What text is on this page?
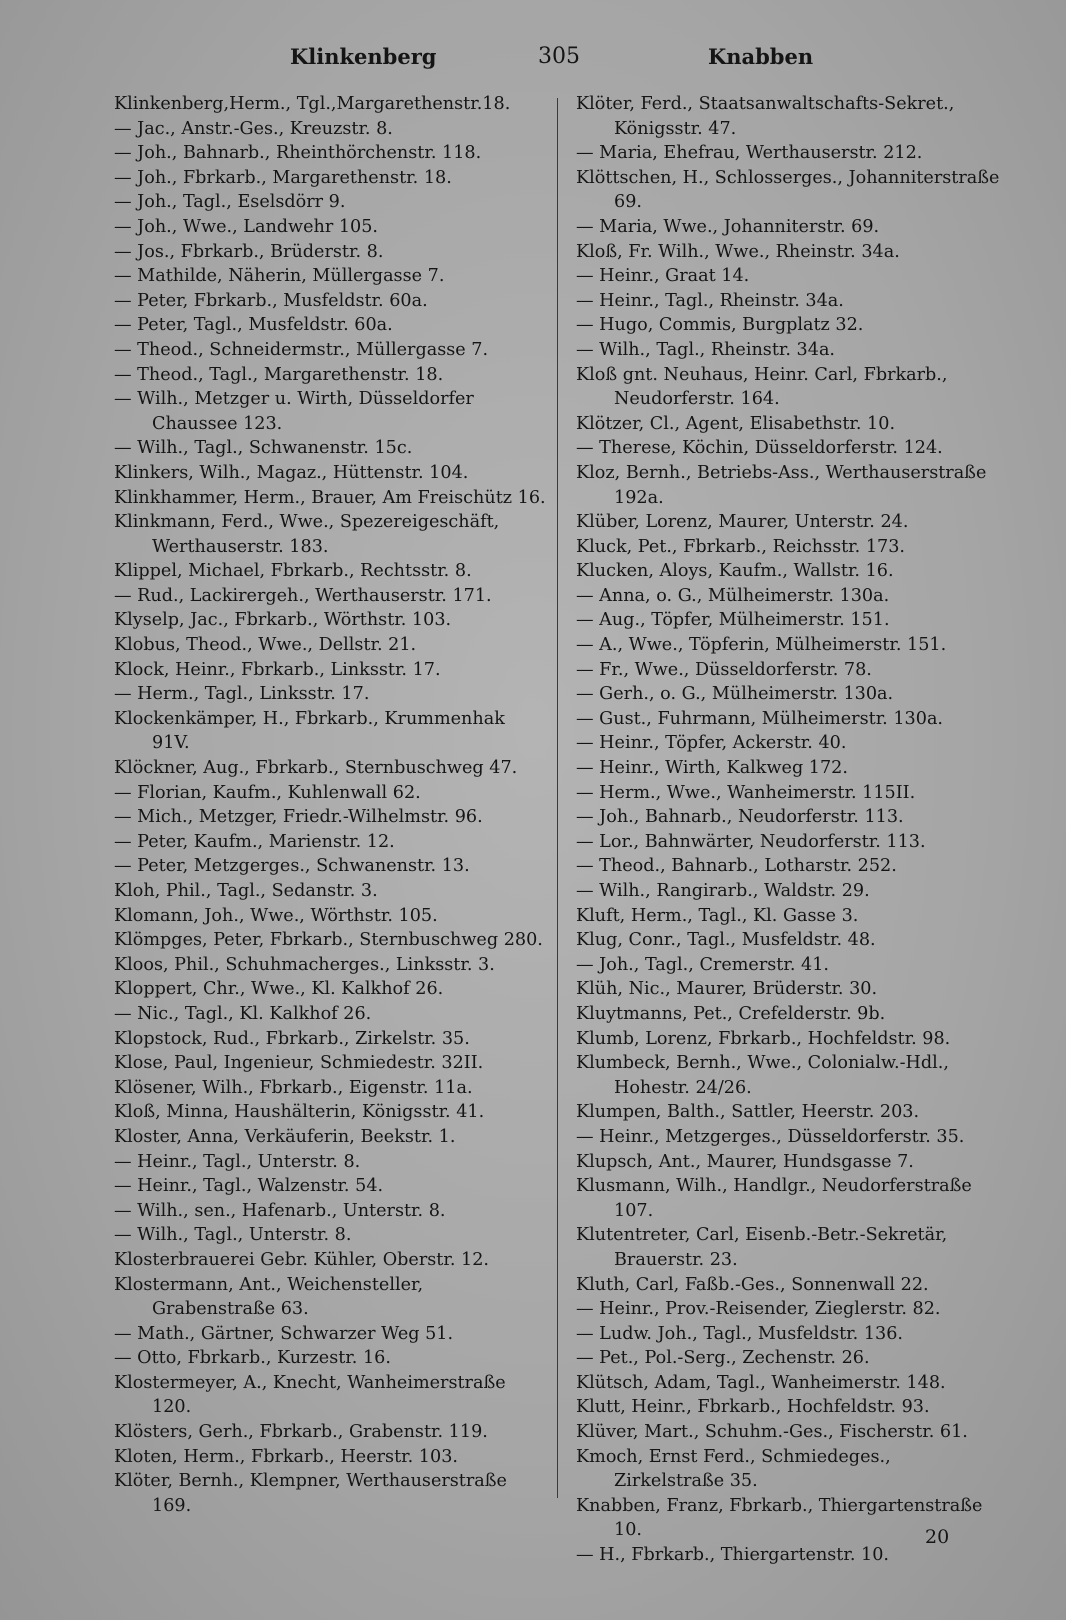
Klinkenberg	305	Knabben

Klinkenberg,Herm., Tgl.,Margarethenstr.18.

— Jac., Anstr.-Ges., Kreuzstr. 8.

— Joh., Bahnarb., Rheinthörchenstr. 118.

— Joh., Fbrkarb., Margarethenstr. 18.

— Joh., Tagl., Eselsdörr 9.

— Joh., Wwe., Landwehr 105.

— Jos., Fbrkarb., Brüderstr. 8.

— Mathilde, Näherin, Müllergasse 7.

— Peter, Fbrkarb., Musfeldstr. 60a.

— Peter, Tagl., Musfeldstr. 60a.

— Theod., Schneidermstr., Müllergasse 7.

— Theod., Tagl., Margarethenstr. 18.

— Wilh., Metzger u. Wirth, Düsseldorfer Chaussee 123.

— Wilh., Tagl., Schwanenstr. 15c.

Klinkers, Wilh., Magaz., Hüttenstr. 104.

Klinkhammer, Herm., Brauer, Am Freischütz 16.

Klinkmann, Ferd., Wwe., Spezereigeschäft, Werthauserstr. 183.

Klippel, Michael, Fbrkarb., Rechtsstr. 8.

— Rud., Lackirergeh., Werthauserstr. 171.

Klyselp, Jac., Fbrkarb., Wörthstr. 103.

Klobus, Theod., Wwe., Dellstr. 21.

Klock, Heinr., Fbrkarb., Linksstr. 17.

— Herm., Tagl., Linksstr. 17.

Klockenkämper, H., Fbrkarb., Krummenhak 91V.

Klöckner, Aug., Fbrkarb., Sternbuschweg 47.

— Florian, Kaufm., Kuhlenwall 62.

— Mich., Metzger, Friedr.-Wilhelmstr. 96.

— Peter, Kaufm., Marienstr. 12.

— Peter, Metzgerges., Schwanenstr. 13.

Kloh, Phil., Tagl., Sedanstr. 3.

Klomann, Joh., Wwe., Wörthstr. 105.

Klömpges, Peter, Fbrkarb., Sternbuschweg 280.

Kloos, Phil., Schuhmacherges., Linksstr. 3.

Kloppert, Chr., Wwe., Kl. Kalkhof 26.

— Nic., Tagl., Kl. Kalkhof 26.

Klopstock, Rud., Fbrkarb., Zirkelstr. 35.

Klose, Paul, Ingenieur, Schmiedestr. 32II.

Klösener, Wilh., Fbrkarb., Eigenstr. 11a.

Kloß, Minna, Haushälterin, Königsstr. 41.

Kloster, Anna, Verkäuferin, Beekstr. 1.

— Heinr., Tagl., Unterstr. 8.

— Heinr., Tagl., Walzenstr. 54.

— Wilh., sen., Hafenarb., Unterstr. 8.

— Wilh., Tagl., Unterstr. 8.

Klosterbrauerei Gebr. Kühler, Oberstr. 12.

Klostermann, Ant., Weichensteller, Grabenstraße 63.

— Math., Gärtner, Schwarzer Weg 51.

— Otto, Fbrkarb., Kurzestr. 16.

Klostermeyer, A., Knecht, Wanheimerstraße 120.

Klösters, Gerh., Fbrkarb., Grabenstr. 119.

Kloten, Herm., Fbrkarb., Heerstr. 103.

Klöter, Bernh., Klempner, Werthauserstraße 169.

Klöter, Ferd., Staatsanwaltschafts-Sekret., Königsstr. 47.

— Maria, Ehefrau, Werthauserstr. 212.

Klöttschen, H., Schlosserges., Johanniterstraße 69.

— Maria, Wwe., Johanniterstr. 69.

Kloß, Fr. Wilh., Wwe., Rheinstr. 34a.

— Heinr., Graat 14.

— Heinr., Tagl., Rheinstr. 34a.

— Hugo, Commis, Burgplatz 32.

— Wilh., Tagl., Rheinstr. 34a.

Kloß gnt. Neuhaus, Heinr. Carl, Fbrkarb., Neudorferstr. 164.

Klötzer, Cl., Agent, Elisabethstr. 10.

— Therese, Köchin, Düsseldorferstr. 124.

Kloz, Bernh., Betriebs-Ass., Werthauserstraße 192a.

Klüber, Lorenz, Maurer, Unterstr. 24.

Kluck, Pet., Fbrkarb., Reichsstr. 173.

Klucken, Aloys, Kaufm., Wallstr. 16.

— Anna, o. G., Mülheimerstr. 130a.

— Aug., Töpfer, Mülheimerstr. 151.

— A., Wwe., Töpferin, Mülheimerstr. 151.

— Fr., Wwe., Düsseldorferstr. 78.

— Gerh., o. G., Mülheimerstr. 130a.

— Gust., Fuhrmann, Mülheimerstr. 130a.

— Heinr., Töpfer, Ackerstr. 40.

— Heinr., Wirth, Kalkweg 172.

— Herm., Wwe., Wanheimerstr. 115II.

— Joh., Bahnarb., Neudorferstr. 113.

— Lor., Bahnwärter, Neudorferstr. 113.

— Theod., Bahnarb., Lotharstr. 252.

— Wilh., Rangirarb., Waldstr. 29.

Kluft, Herm., Tagl., Kl. Gasse 3.

Klug, Conr., Tagl., Musfeldstr. 48.

— Joh., Tagl., Cremerstr. 41.

Klüh, Nic., Maurer, Brüderstr. 30.

Kluytmanns, Pet., Crefelderstr. 9b.

Klumb, Lorenz, Fbrkarb., Hochfeldstr. 98.

Klumbeck, Bernh., Wwe., Colonialw.-Hdl., Hohestr. 24/26.

Klumpen, Balth., Sattler, Heerstr. 203.

— Heinr., Metzgerges., Düsseldorferstr. 35.

Klupsch, Ant., Maurer, Hundsgasse 7.

Klusmann, Wilh., Handlgr., Neudorferstraße 107.

Klutentreter, Carl, Eisenb.-Betr.-Sekretär, Brauerstr. 23.

Kluth, Carl, Faßb.-Ges., Sonnenwall 22.

— Heinr., Prov.-Reisender, Zieglerstr. 82.

— Ludw. Joh., Tagl., Musfeldstr. 136.

— Pet., Pol.-Serg., Zechenstr. 26.

Klütsch, Adam, Tagl., Wanheimerstr. 148.

Klutt, Heinr., Fbrkarb., Hochfeldstr. 93.

Klüver, Mart., Schuhm.-Ges., Fischerstr. 61.

Kmoch, Ernst Ferd., Schmiedeges., Zirkelstraße 35.

Knabben, Franz, Fbrkarb., Thiergartenstraße 10.

— H., Fbrkarb., Thiergartenstr. 10.

20
